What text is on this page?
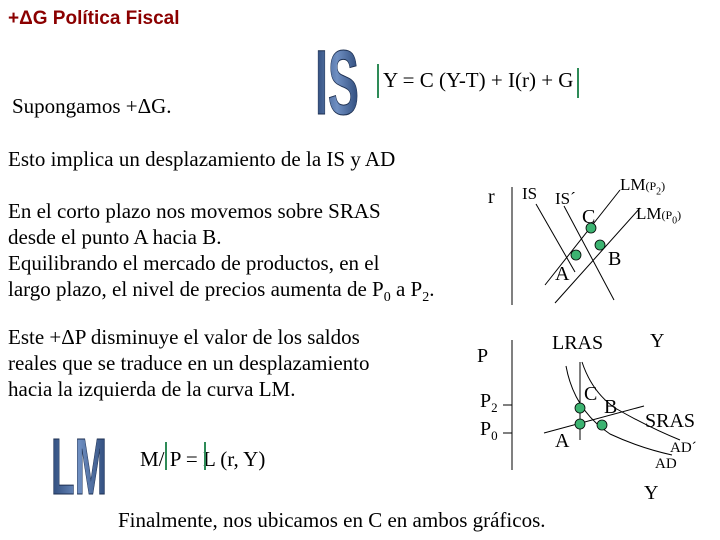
+ΔG Política Fiscal
IS Y = C (Y-T) + I(r) + G
Supongamos +ΔG.
Esto implica un desplazamiento de la IS y AD
En el corto plazo nos movemos sobre SRAS
desde el punto A hacia B.
Equilibrando el mercado de productos, en el
largo plazo, el nivel de precios aumenta de $P_0$ a $P_2$.
Este +ΔP disminuye el valor de los saldos
reales que se traduce en un desplazamiento
hacia la izquierda de la curva LM.
LM M/ P = L (r, Y)
Finalmente, nos ubicamos en C en ambos gráficos.
r IS IS´
$LM(P_2)$
$LM(P_0)$
C
B
A
Y
P
LRAS
$P_2$
$P_0$
C
B
A
SRAS
AD´
AD
Y
